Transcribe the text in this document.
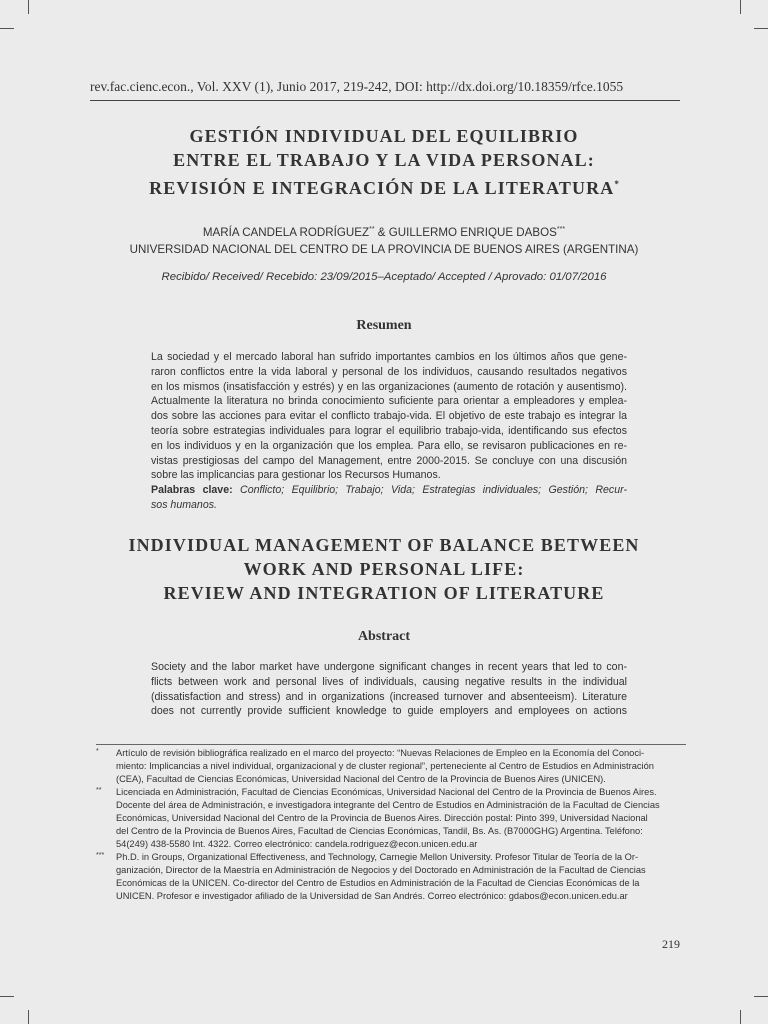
rev.fac.cienc.econ., Vol. XXV (1), Junio 2017, 219-242, DOI: http://dx.doi.org/10.18359/rfce.1055
GESTIÓN INDIVIDUAL DEL EQUILIBRIO
ENTRE EL TRABAJO Y LA VIDA PERSONAL:
REVISIÓN E INTEGRACIÓN DE LA LITERATURA*
MARÍA CANDELA RODRÍGUEZ** & GUILLERMO ENRIQUE DABOS***
UNIVERSIDAD NACIONAL DEL CENTRO DE LA PROVINCIA DE BUENOS AIRES (ARGENTINA)
Recibido/ Received/ Recebido: 23/09/2015–Aceptado/ Accepted / Aprovado: 01/07/2016
Resumen
La sociedad y el mercado laboral han sufrido importantes cambios en los últimos años que gene-
raron conflictos entre la vida laboral y personal de los individuos, causando resultados negativos
en los mismos (insatisfacción y estrés) y en las organizaciones (aumento de rotación y ausentismo).
Actualmente la literatura no brinda conocimiento suficiente para orientar a empleadores y emplea-
dos sobre las acciones para evitar el conflicto trabajo-vida. El objetivo de este trabajo es integrar la
teoría sobre estrategias individuales para lograr el equilibrio trabajo-vida, identificando sus efectos
en los individuos y en la organización que los emplea. Para ello, se revisaron publicaciones en re-
vistas prestigiosas del campo del Management, entre 2000-2015. Se concluye con una discusión
sobre las implicancias para gestionar los Recursos Humanos.
Palabras clave: Conflicto; Equilibrio; Trabajo; Vida; Estrategias individuales; Gestión; Recur-
sos humanos.
INDIVIDUAL MANAGEMENT OF BALANCE BETWEEN
WORK AND PERSONAL LIFE:
REVIEW AND INTEGRATION OF LITERATURE
Abstract
Society and the labor market have undergone significant changes in recent years that led to con-
flicts between work and personal lives of individuals, causing negative results in the individual
(dissatisfaction and stress) and in organizations (increased turnover and absenteeism). Literature
does not currently provide sufficient knowledge to guide employers and employees on actions
* Artículo de revisión bibliográfica realizado en el marco del proyecto: “Nuevas Relaciones de Empleo en la Economía del Conoci-
miento: Implicancias a nivel individual, organizacional y de cluster regional”, perteneciente al Centro de Estudios en Administración
(CEA), Facultad de Ciencias Económicas, Universidad Nacional del Centro de la Provincia de Buenos Aires (UNICEN).
** Licenciada en Administración, Facultad de Ciencias Económicas, Universidad Nacional del Centro de la Provincia de Buenos Aires.
Docente del área de Administración, e investigadora integrante del Centro de Estudios en Administración de la Facultad de Ciencias
Económicas, Universidad Nacional del Centro de la Provincia de Buenos Aires. Dirección postal: Pinto 399, Universidad Nacional
del Centro de la Provincia de Buenos Aires, Facultad de Ciencias Económicas, Tandil, Bs. As. (B7000GHG) Argentina. Teléfono:
54(249) 438-5580 Int. 4322. Correo electrónico: candela.rodriguez@econ.unicen.edu.ar
*** Ph.D. in Groups, Organizational Effectiveness, and Technology, Carnegie Mellon University. Profesor Titular de Teoría de la Or-
ganización, Director de la Maestría en Administración de Negocios y del Doctorado en Administración de la Facultad de Ciencias
Económicas de la UNICEN. Co-director del Centro de Estudios en Administración de la Facultad de Ciencias Económicas de la
UNICEN. Profesor e investigador afiliado de la Universidad de San Andrés. Correo electrónico: gdabos@econ.unicen.edu.ar
219
